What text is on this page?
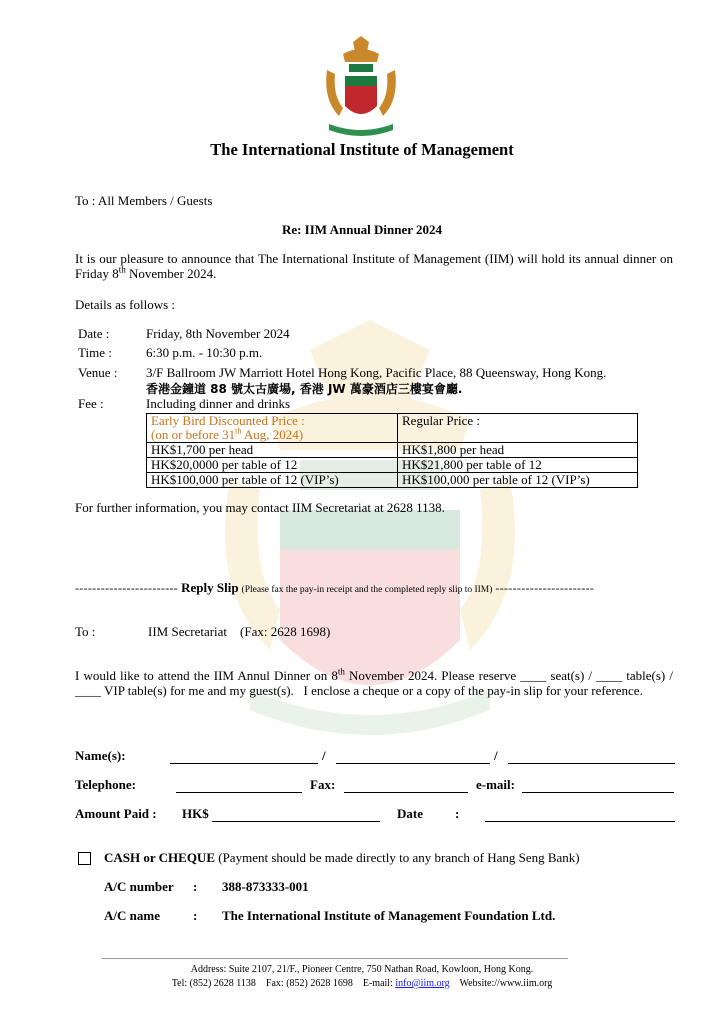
The International Institute of Management
To : All Members / Guests
Re: IIM Annual Dinner 2024
It is our pleasure to announce that The International Institute of Management (IIM) will hold its annual dinner on Friday 8th November 2024.
Details as follows :
Date :	Friday, 8th November 2024
Time :	6:30 p.m. - 10:30 p.m.
Venue : 3/F Ballroom JW Marriott Hotel Hong Kong, Pacific Place, 88 Queensway, Hong Kong.
香港金鐘道 88 號太古廣場, 香港 JW 萬豪酒店三樓宴會廳.
Fee :	Including dinner and drinks
Early Bird Discounted Price :
(on or before 31th Aug, 2024)	Regular Price :
HK$1,700 per head	HK$1,800 per head
HK$20,0000 per table of 12	HK$21,800 per table of 12
HK$100,000 per table of 12 (VIP’s)	HK$100,000 per table of 12 (VIP’s)
For further information, you may contact IIM Secretariat at 2628 1138.
------------------------ Reply Slip (Please fax the pay-in receipt and the completed reply slip to IIM) -----------------------
To :	IIM Secretariat    (Fax: 2628 1698)
I would like to attend the IIM Annul Dinner on 8th November 2024. Please reserve ____ seat(s) / ____ table(s) / ____ VIP table(s) for me and my guest(s).   I enclose a cheque or a copy of the pay-in slip for your reference.
Name(s):	/	/
Telephone:	Fax:	e-mail:
Amount Paid : HK$	Date :
CASH or CHEQUE (Payment should be made directly to any branch of Hang Seng Bank)
A/C number : 388-873333-001
A/C name	: The International Institute of Management Foundation Ltd.
Address: Suite 2107, 21/F., Pioneer Centre, 750 Nathan Road, Kowloon, Hong Kong.
Tel: (852) 2628 1138    Fax: (852) 2628 1698    E-mail: info@iim.org    Website://www.iim.org
